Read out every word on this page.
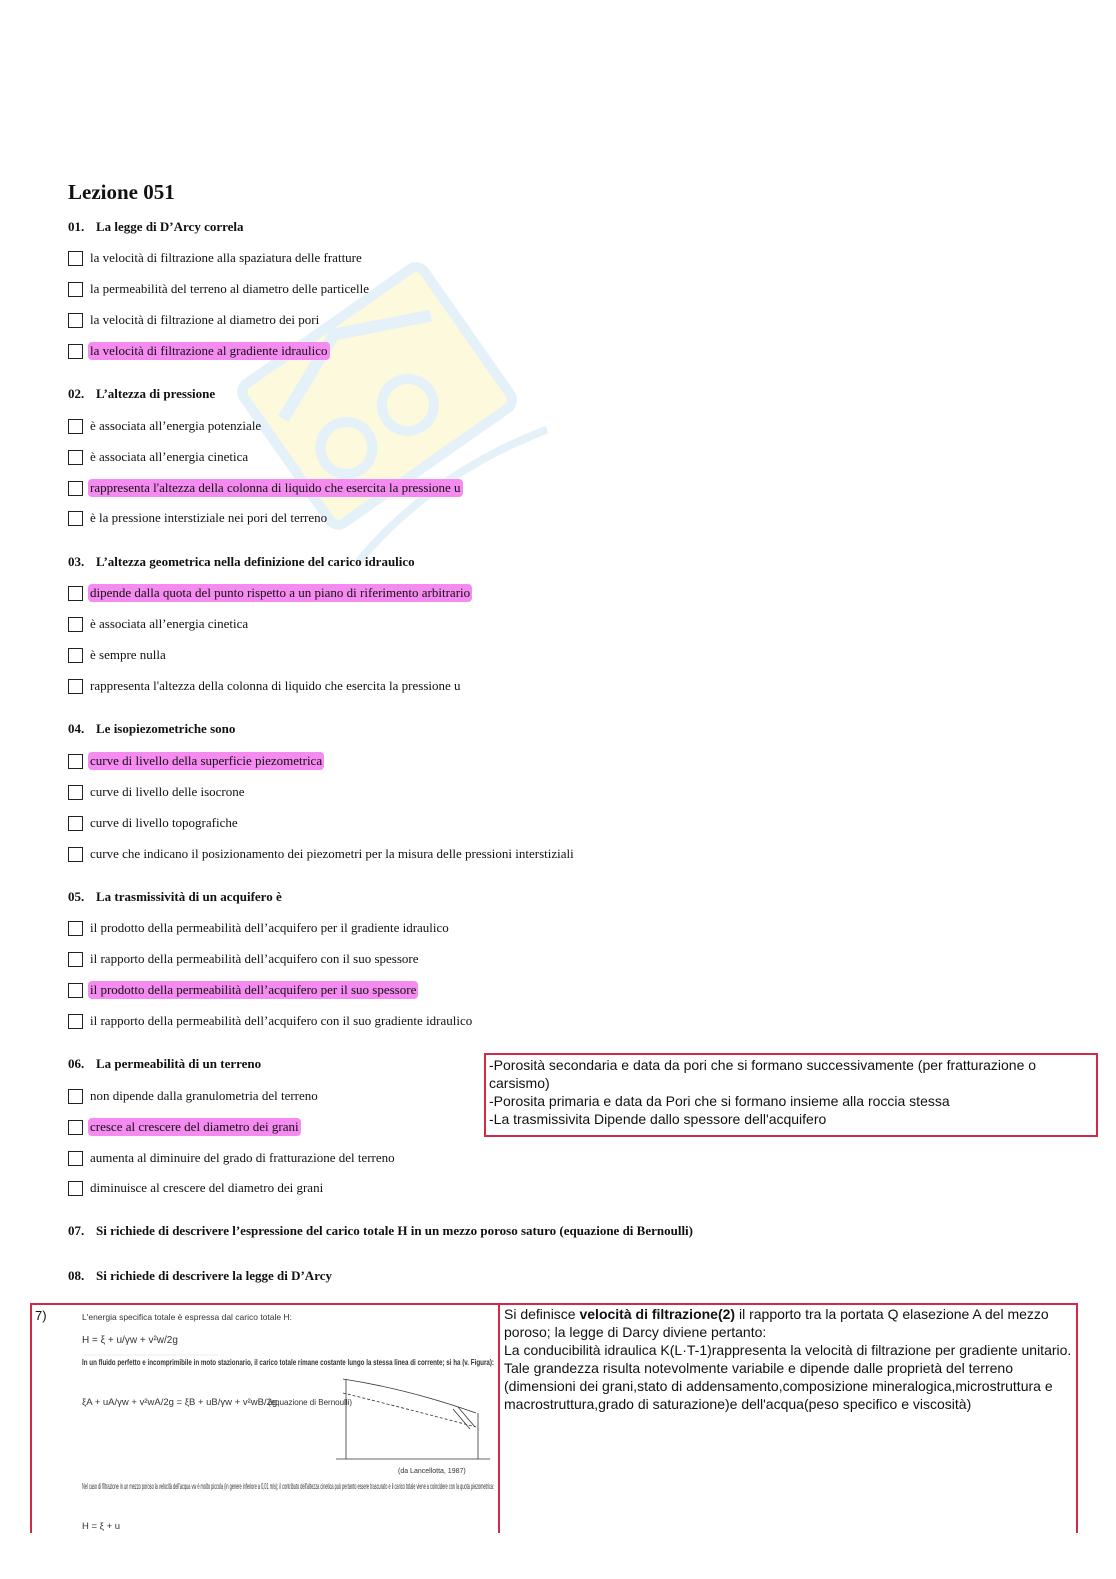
Lezione 051
01. La legge di D’Arcy correla
la velocità di filtrazione alla spaziatura delle fratture
la permeabilità del terreno al diametro delle particelle
la velocità di filtrazione al diametro dei pori
la velocità di filtrazione al gradiente idraulico
02. L’altezza di pressione
è associata all’energia potenziale
è associata all’energia cinetica
rappresenta l'altezza della colonna di liquido che esercita la pressione u
è la pressione interstiziale nei pori del terreno
03. L’altezza geometrica nella definizione del carico idraulico
dipende dalla quota del punto rispetto a un piano di riferimento arbitrario
è associata all’energia cinetica
è sempre nulla
rappresenta l'altezza della colonna di liquido che esercita la pressione u
04. Le isopiezometriche sono
curve di livello della superficie piezometrica
curve di livello delle isocrone
curve di livello topografiche
curve che indicano il posizionamento dei piezometri per la misura delle pressioni interstiziali
05. La trasmissività di un acquifero è
il prodotto della permeabilità dell’acquifero per il gradiente idraulico
il rapporto della permeabilità dell’acquifero con il suo spessore
il prodotto della permeabilità dell’acquifero per il suo spessore
il rapporto della permeabilità dell’acquifero con il suo gradiente idraulico
06. La permeabilità di un terreno
non dipende dalla granulometria del terreno
cresce al crescere del diametro dei grani
aumenta al diminuire del grado di fratturazione del terreno
diminuisce al crescere del diametro dei grani
07. Si richiede di descrivere l’espressione del carico totale H in un mezzo poroso saturo (equazione di Bernoulli)
08. Si richiede di descrivere la legge di D’Arcy

-Porosità secondaria e data da pori che si formano successivamente (per fratturazione o carsismo)

-Porosita primaria e data da Pori che si formano insieme alla roccia stessa

-La trasmissivita Dipende dallo spessore dell'acquifero

7)	L'energia specifica totale è espressa dal carico totale H:
H = ξ + u/γw + v²w/2g
In un fluido perfetto e incomprimibile in moto stazionario, il carico totale rimane costante lungo la stessa linea di corrente; si ha (v. Figura):
ξA + uA/γw + v²wA/2g = ξB + uB/γw + v²wB/2g
(equazione di Bernoulli)
(da Lancellotta, 1987)
Nel caso di filtrazione in un mezzo poroso la velocità dell'acqua vw è molto piccola (in genere inferiore a 0,01 m/s); il contributo dell'altezza cinetica può pertanto essere trascurato e il carico totale viene a coincidere con la quota piezometrica:
H = ξ + u
Si definisce velocità di filtrazione(2) il rapporto tra la portata Q elasezione A del mezzo poroso; la legge di Darcy diviene pertanto:
La conducibilità idraulica K(L·T-1)rappresenta la velocità di filtrazione per gradiente unitario. Tale grandezza risulta notevolmente variabile e dipende dalle proprietà del terreno (dimensioni dei grani,stato di addensamento,composizione mineralogica,microstruttura e macrostruttura,grado di saturazione)e dell'acqua(peso specifico e viscosità)
